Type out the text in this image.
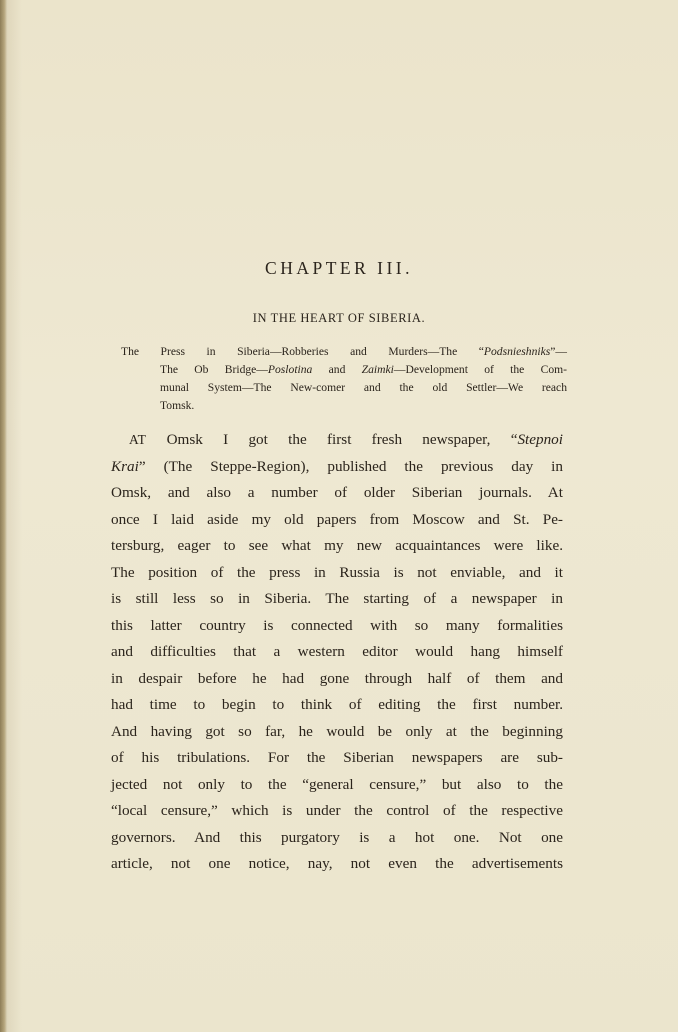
CHAPTER III.
IN THE HEART OF SIBERIA.
The Press in Siberia—Robberies and Murders—The “Podsnieshniks”—
The Ob Bridge—Poslotina and Zaimki—Development of the Com-
munal System—The New-comer and the old Settler—We reach
Tomsk.
AT Omsk I got the first fresh newspaper, “Stepnoi
Krai” (The Steppe-Region), published the previous day in
Omsk, and also a number of older Siberian journals. At
once I laid aside my old papers from Moscow and St. Pe-
tersburg, eager to see what my new acquaintances were like.
The position of the press in Russia is not enviable, and it
is still less so in Siberia. The starting of a newspaper in
this latter country is connected with so many formalities
and difficulties that a western editor would hang himself
in despair before he had gone through half of them and
had time to begin to think of editing the first number.
And having got so far, he would be only at the beginning
of his tribulations. For the Siberian newspapers are sub-
jected not only to the “general censure,” but also to the
“local censure,” which is under the control of the respective
governors. And this purgatory is a hot one. Not one
article, not one notice, nay, not even the advertisements
